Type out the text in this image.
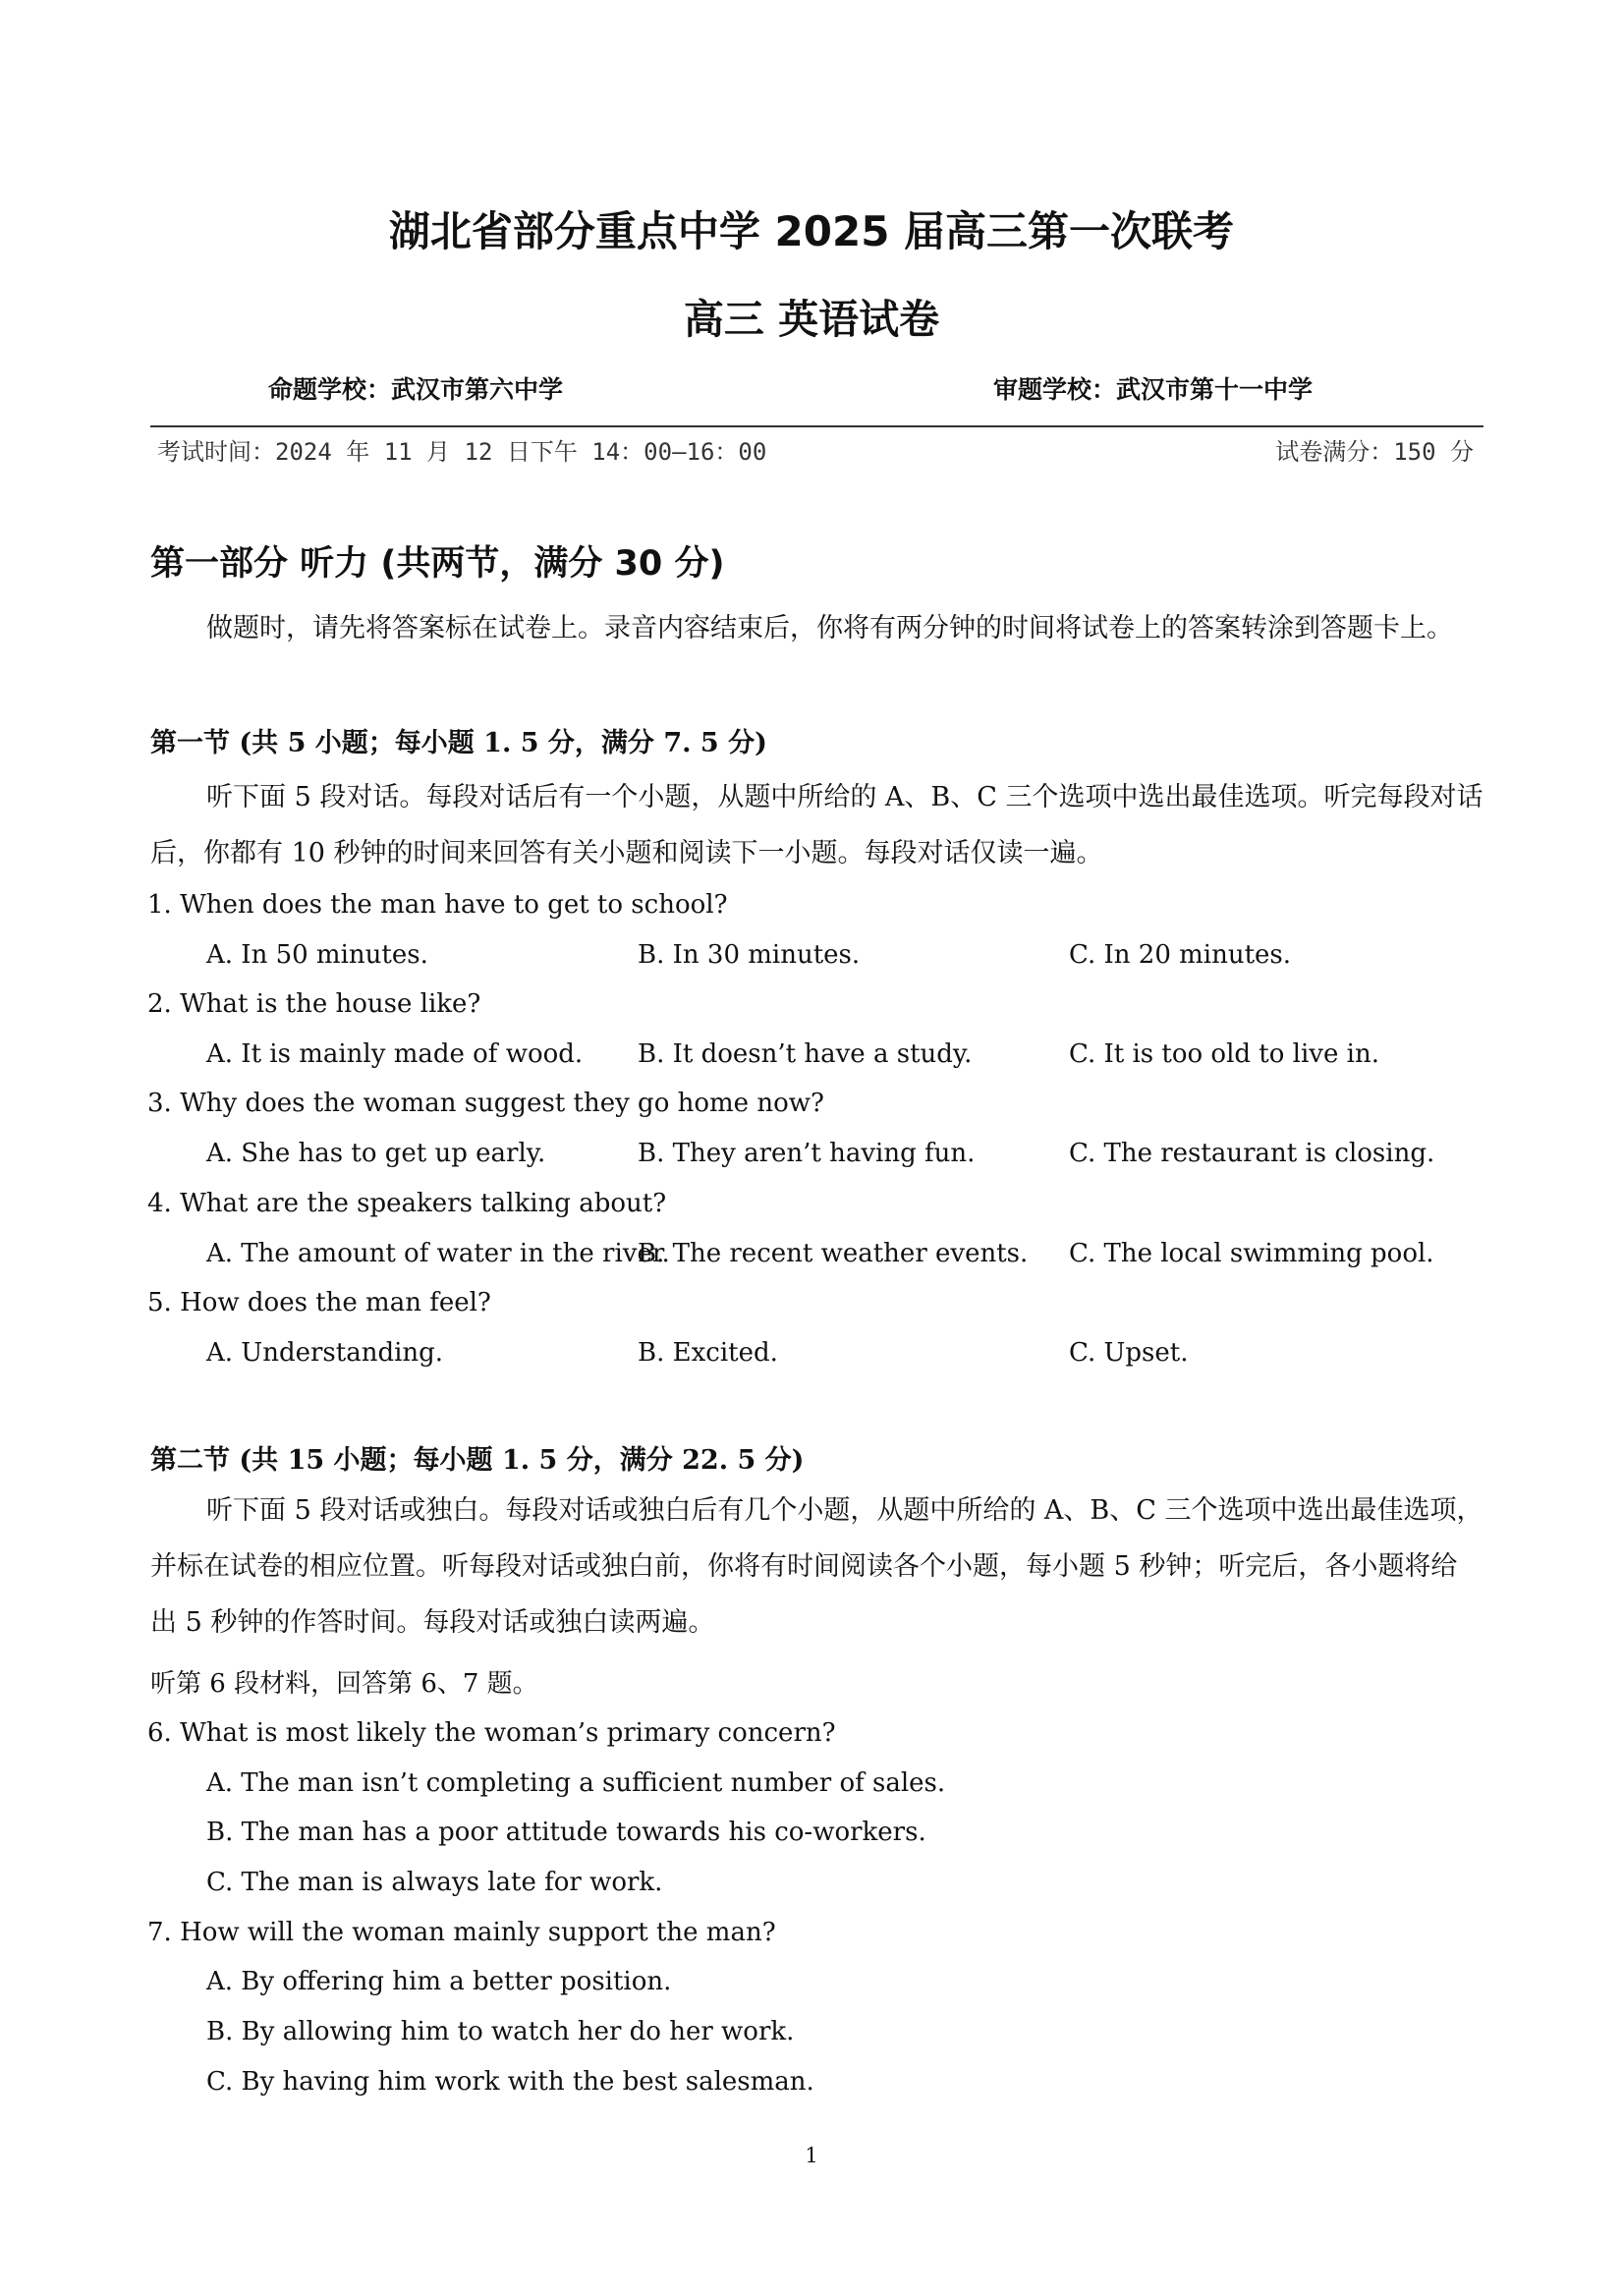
湖北省部分重点中学 2025 届高三第一次联考
高三 英语试卷
命题学校：武汉市第六中学	审题学校：武汉市第十一中学
考试时间：2024 年 11 月 12 日下午 14：00—16：00	试卷满分：150 分
第一部分 听力 (共两节，满分 30 分)
做题时，请先将答案标在试卷上。录音内容结束后，你将有两分钟的时间将试卷上的答案转涂到答题卡上。
第一节 (共 5 小题；每小题 1. 5 分，满分 7. 5 分)
听下面 5 段对话。每段对话后有一个小题，从题中所给的 A、B、C 三个选项中选出最佳选项。听完每段对话后，你都有 10 秒钟的时间来回答有关小题和阅读下一小题。每段对话仅读一遍。
1. When does the man have to get to school?
A. In 50 minutes.	B. In 30 minutes.	C. In 20 minutes.
2. What is the house like?
A. It is mainly made of wood. B. It doesn’t have a study.	C. It is too old to live in.
3. Why does the woman suggest they go home now?
A. She has to get up early.	B. They aren’t having fun.	C. The restaurant is closing.
4. What are the speakers talking about?
A. The amount of water in the river.
B. The recent weather events. C. The local swimming pool.
5. How does the man feel?
A. Understanding.	B. Excited.	C. Upset.
第二节 (共 15 小题；每小题 1. 5 分，满分 22. 5 分)
听下面 5 段对话或独白。每段对话或独白后有几个小题，从题中所给的 A、B、C 三个选项中选出最佳选项，并标在试卷的相应位置。听每段对话或独白前，你将有时间阅读各个小题，每小题 5 秒钟；听完后，各小题将给出 5 秒钟的作答时间。每段对话或独白读两遍。
听第 6 段材料，回答第 6、7 题。
6. What is most likely the woman’s primary concern?
A. The man isn’t completing a sufficient number of sales.
B. The man has a poor attitude towards his co-workers.
C. The man is always late for work.
7. How will the woman mainly support the man?
A. By offering him a better position.
B. By allowing him to watch her do her work.
C. By having him work with the best salesman.
1
